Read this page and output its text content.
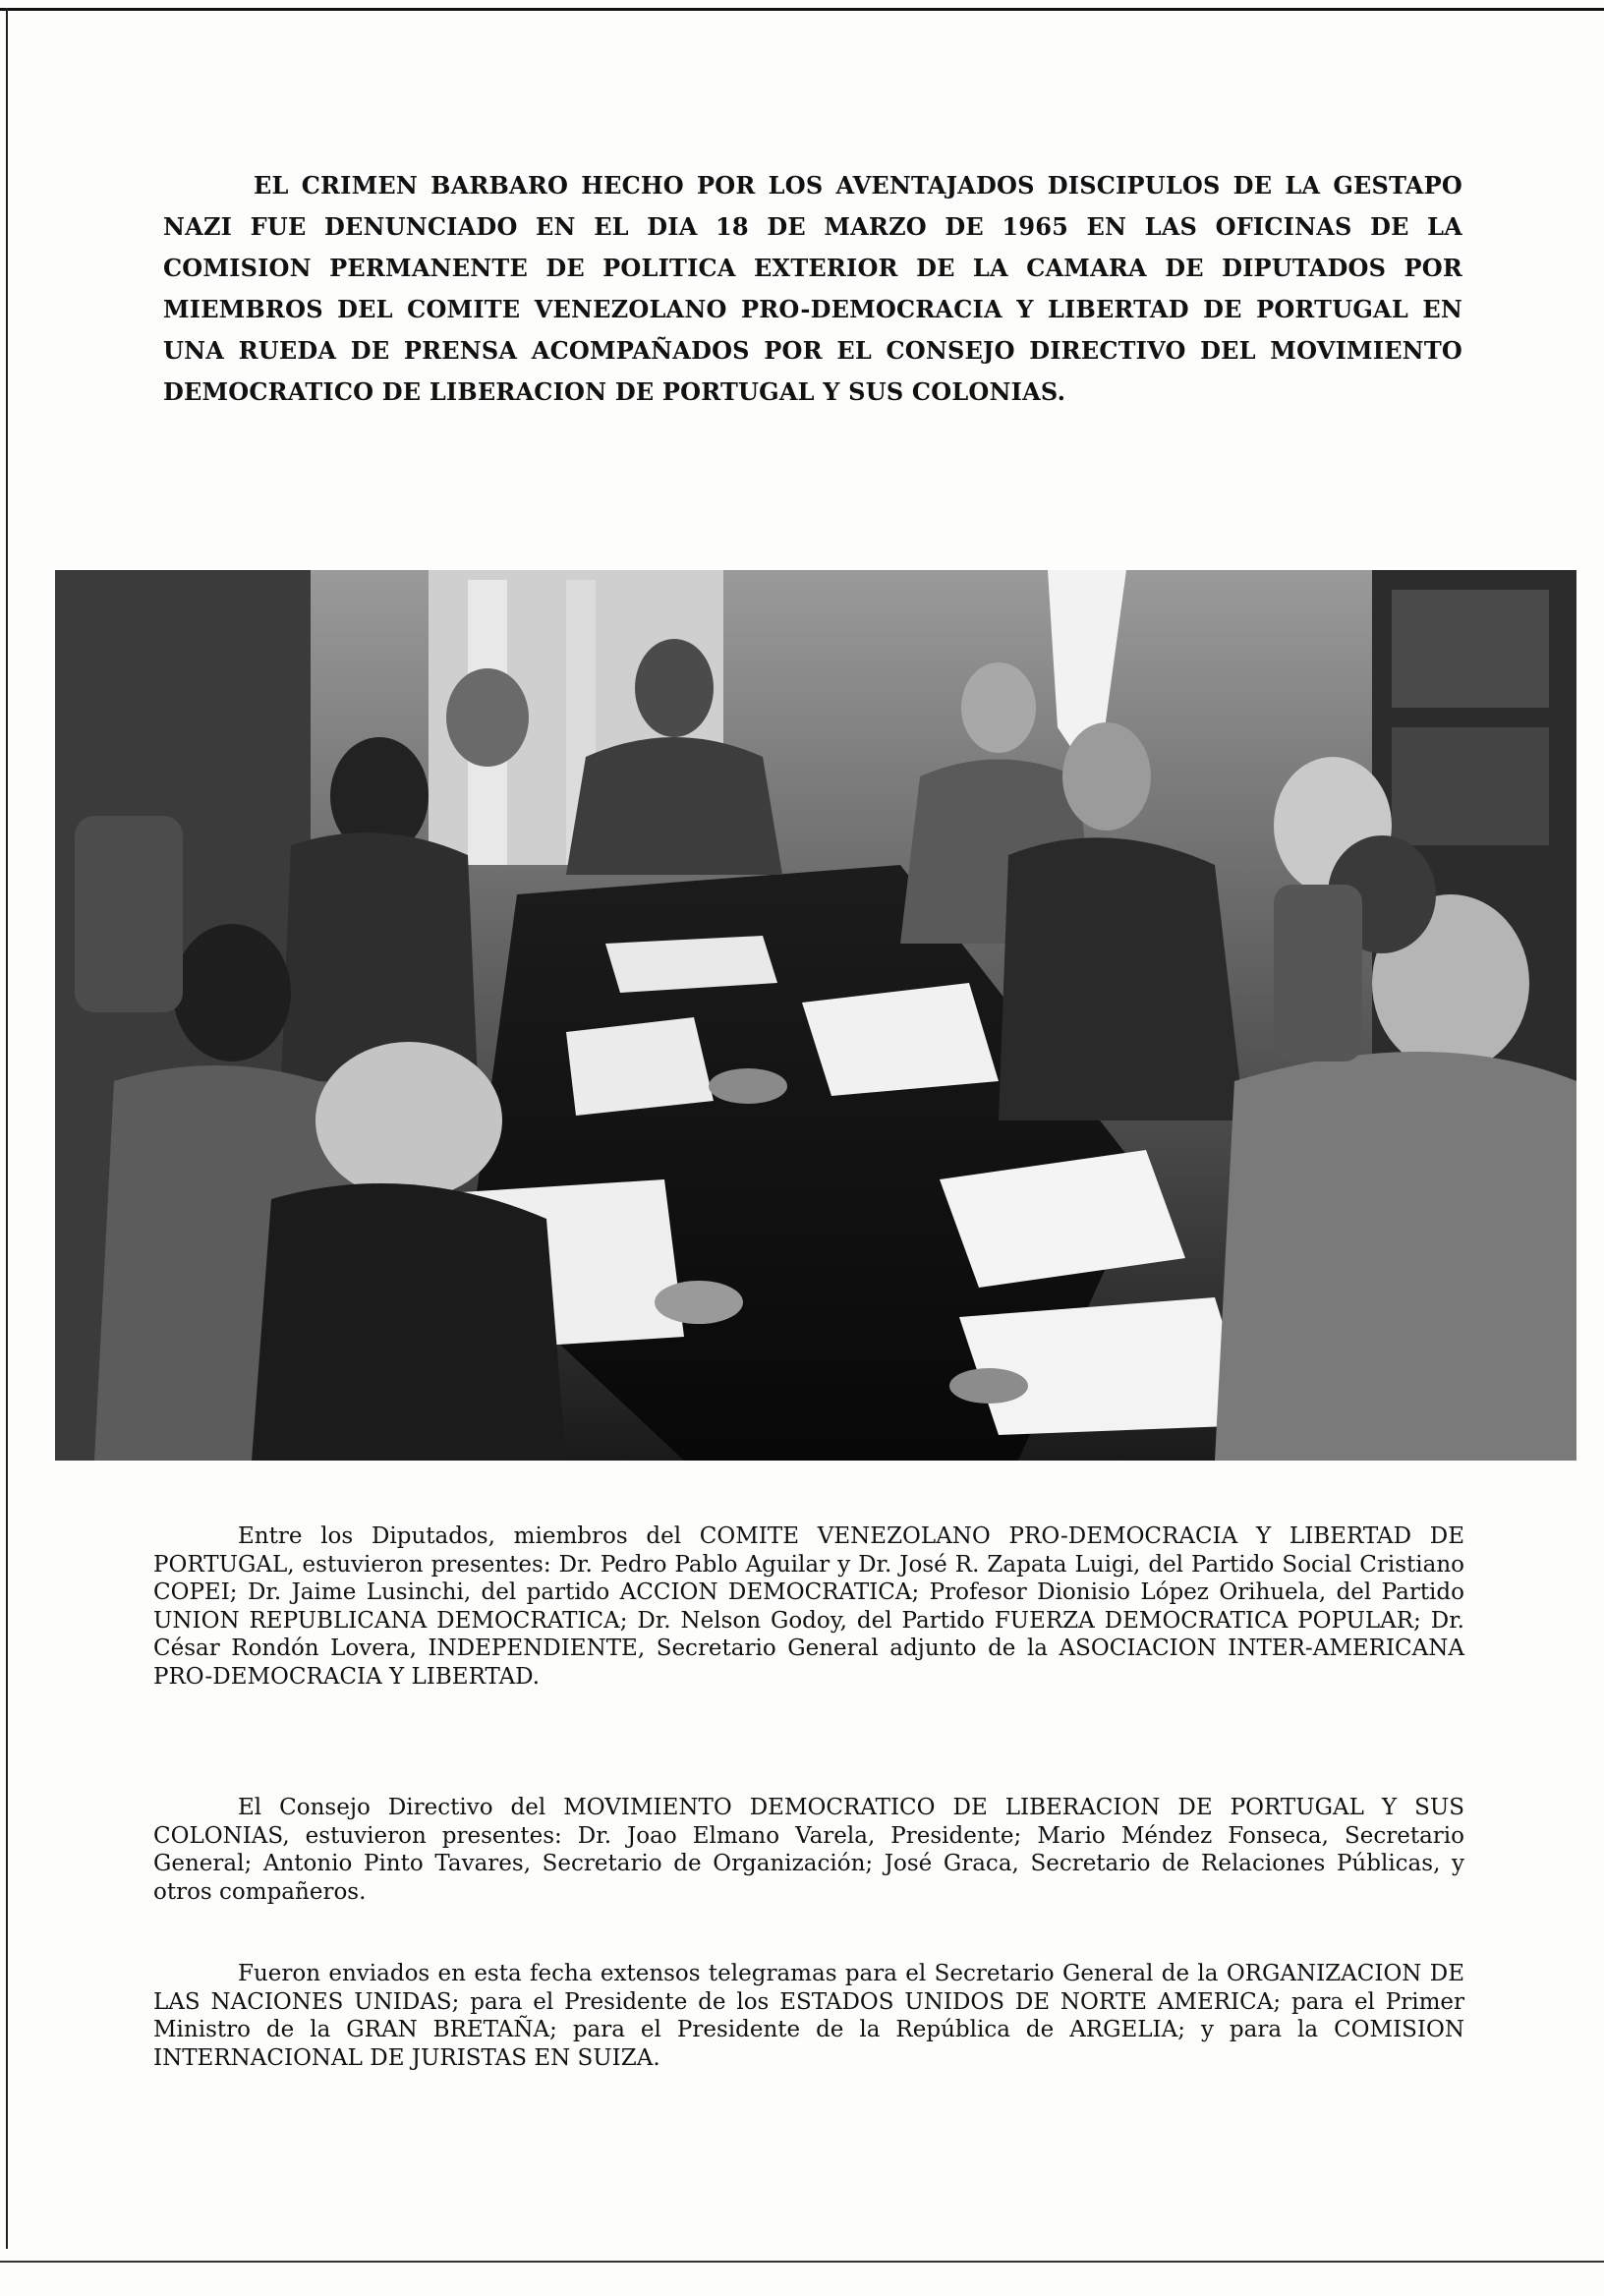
EL CRIMEN BARBARO HECHO POR LOS AVENTAJADOS DISCIPULOS DE LA GESTAPO NAZI FUE DENUNCIADO EN EL DIA 18 DE MARZO DE 1965 EN LAS OFICINAS DE LA COMISION PERMANENTE DE POLITICA EXTERIOR DE LA CAMARA DE DIPUTADOS POR MIEMBROS DEL COMITE VENEZOLANO PRO-DEMOCRACIA Y LIBERTAD DE PORTUGAL EN UNA RUEDA DE PRENSA ACOMPAÑADOS POR EL CONSEJO DIRECTIVO DEL MOVIMIENTO DEMOCRATICO DE LIBERACION DE PORTUGAL Y SUS COLONIAS.

Entre los Diputados, miembros del COMITE VENEZOLANO PRO-DEMOCRACIA Y LIBERTAD DE PORTUGAL, estuvieron presentes: Dr. Pedro Pablo Aguilar y Dr. José R. Zapata Luigi, del Partido Social Cristiano COPEI; Dr. Jaime Lusinchi, del partido ACCION DEMOCRATICA; Profesor Dionisio López Orihuela, del Partido UNION REPUBLICANA DEMOCRATICA; Dr. Nelson Godoy, del Partido FUERZA DEMOCRATICA POPULAR; Dr. César Rondón Lovera, INDEPENDIENTE, Secretario General adjunto de la ASOCIACION INTER-AMERICANA PRO-DEMOCRACIA Y LIBERTAD.

El Consejo Directivo del MOVIMIENTO DEMOCRATICO DE LIBERACION DE PORTUGAL Y SUS COLONIAS, estuvieron presentes: Dr. Joao Elmano Varela, Presidente; Mario Méndez Fonseca, Secretario General; Antonio Pinto Tavares, Secretario de Organización; José Graca, Secretario de Relaciones Públicas, y otros compañeros.

Fueron enviados en esta fecha extensos telegramas para el Secretario General de la ORGANIZACION DE LAS NACIONES UNIDAS; para el Presidente de los ESTADOS UNIDOS DE NORTE AMERICA; para el Primer Ministro de la GRAN BRETAÑA; para el Presidente de la República de ARGELIA; y para la COMISION INTERNACIONAL DE JURISTAS EN SUIZA.
